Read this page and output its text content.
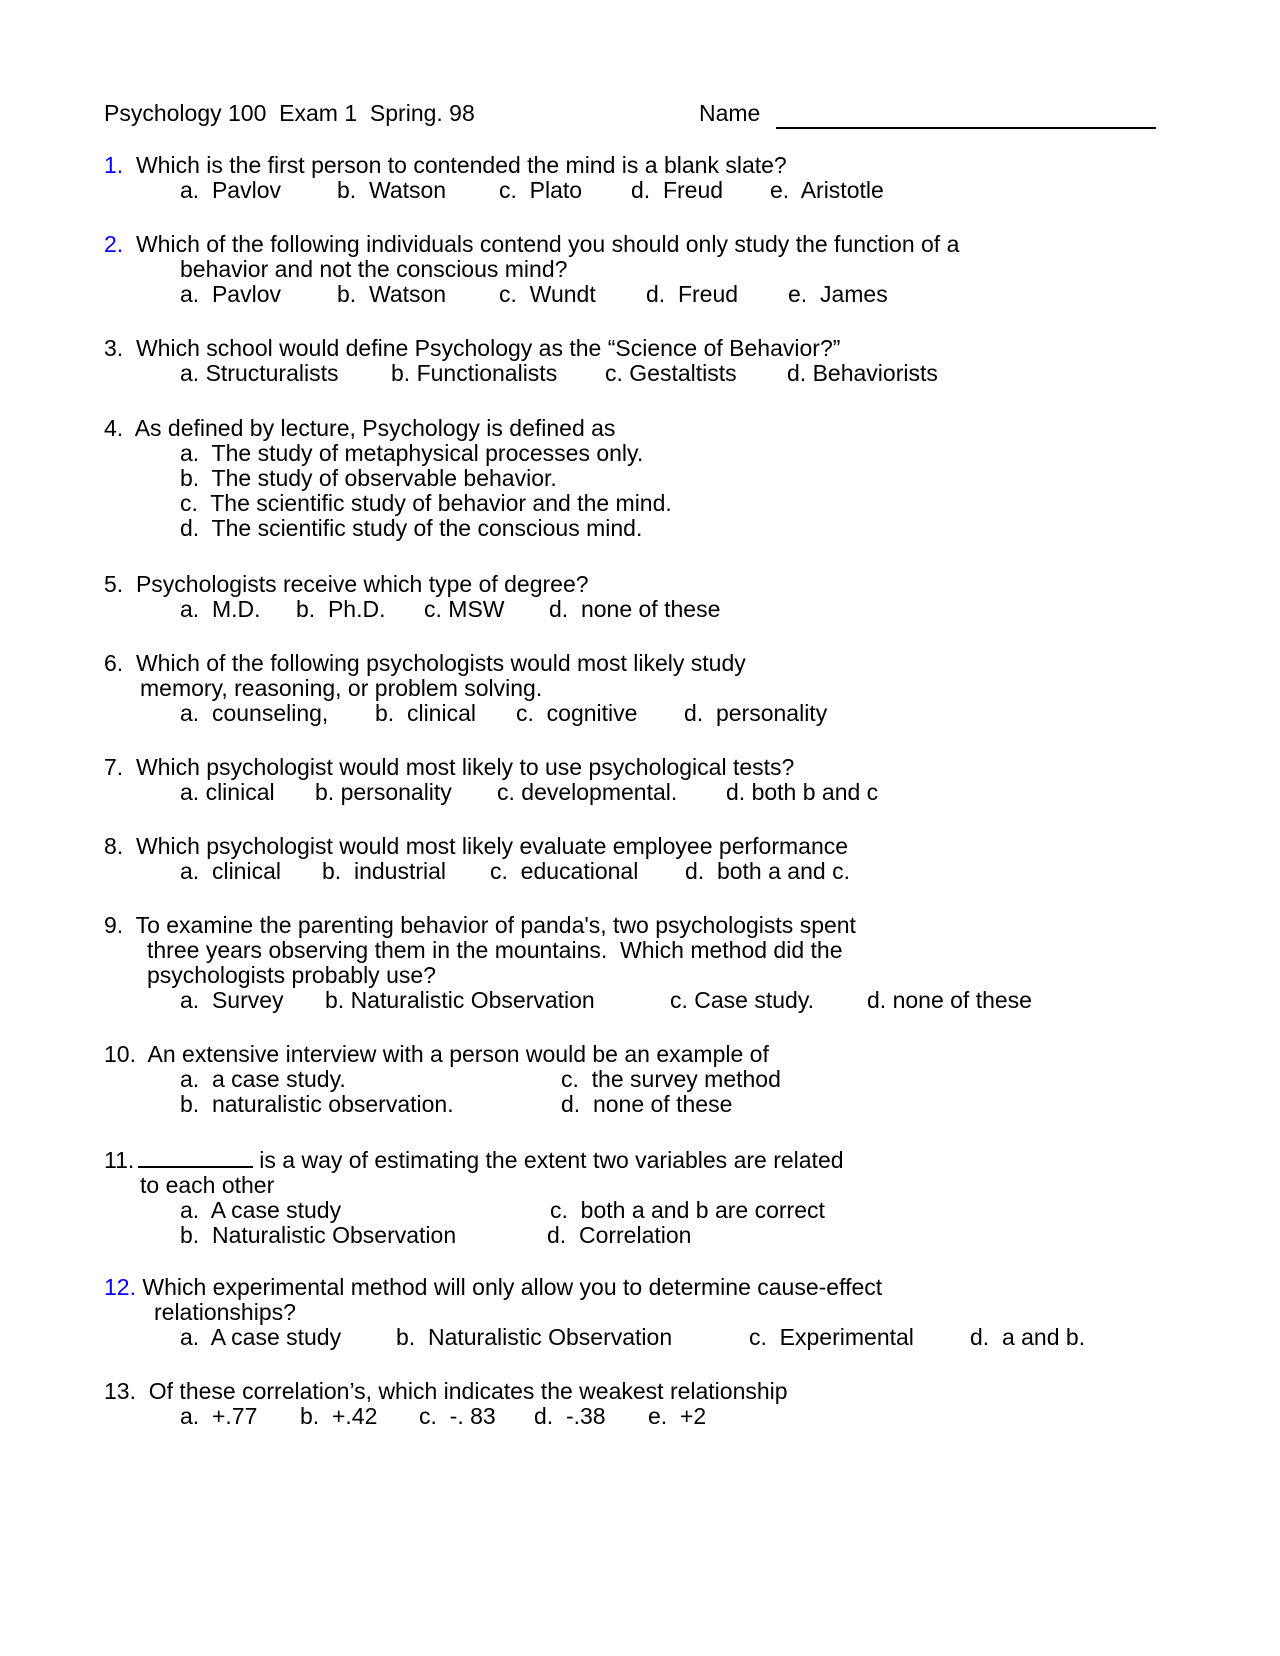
Psychology 100  Exam 1  Spring. 98	Name
1. Which is the first person to contended the mind is a blank slate?
a.  Pavlov b.  Watson c.  Plato d.  Freud e.  Aristotle
2. Which of the following individuals contend you should only study the function of a
behavior and not the conscious mind?
a.  Pavlov b.  Watson c.  Wundt d.  Freud e.  James
3. Which school would define Psychology as the “Science of Behavior?”
a. Structuralists b. Functionalists c. Gestaltists d. Behaviorists
4. As defined by lecture, Psychology is defined as
a.  The study of metaphysical processes only.
b.  The study of observable behavior.
c.  The scientific study of behavior and the mind.
d.  The scientific study of the conscious mind.
5. Psychologists receive which type of degree?
a.  M.D. b.  Ph.D. c. MSW d.  none of these
6. Which of the following psychologists would most likely study
memory, reasoning, or problem solving.
a.  counseling, b.  clinical c.  cognitive d.  personality
7. Which psychologist would most likely to use psychological tests?
a. clinical b. personality c. developmental. d. both b and c
8. Which psychologist would most likely evaluate employee performance
a.  clinical b.  industrial c.  educational d.  both a and c.
9. To examine the parenting behavior of panda's, two psychologists spent
three years observing them in the mountains.  Which method did the
psychologists probably use?
a.  Survey b. Naturalistic Observation	c. Case study. d. none of these
10. An extensive interview with a person would be an example of
a.  a case study.	c.  the survey method
b.  naturalistic observation.	d.  none of these
11.	is a way of estimating the extent two variables are related
to each other
a.  A case study	c.  both a and b are correct
b.  Naturalistic Observation	d.  Correlation
12. Which experimental method will only allow you to determine cause-effect
relationships?
a.  A case study b.  Naturalistic Observation	c.  Experimental d.  a and b.
13. Of these correlation’s, which indicates the weakest relationship
a.  +.77 b.  +.42 c.  -. 83 d.  -.38 e.  +2
